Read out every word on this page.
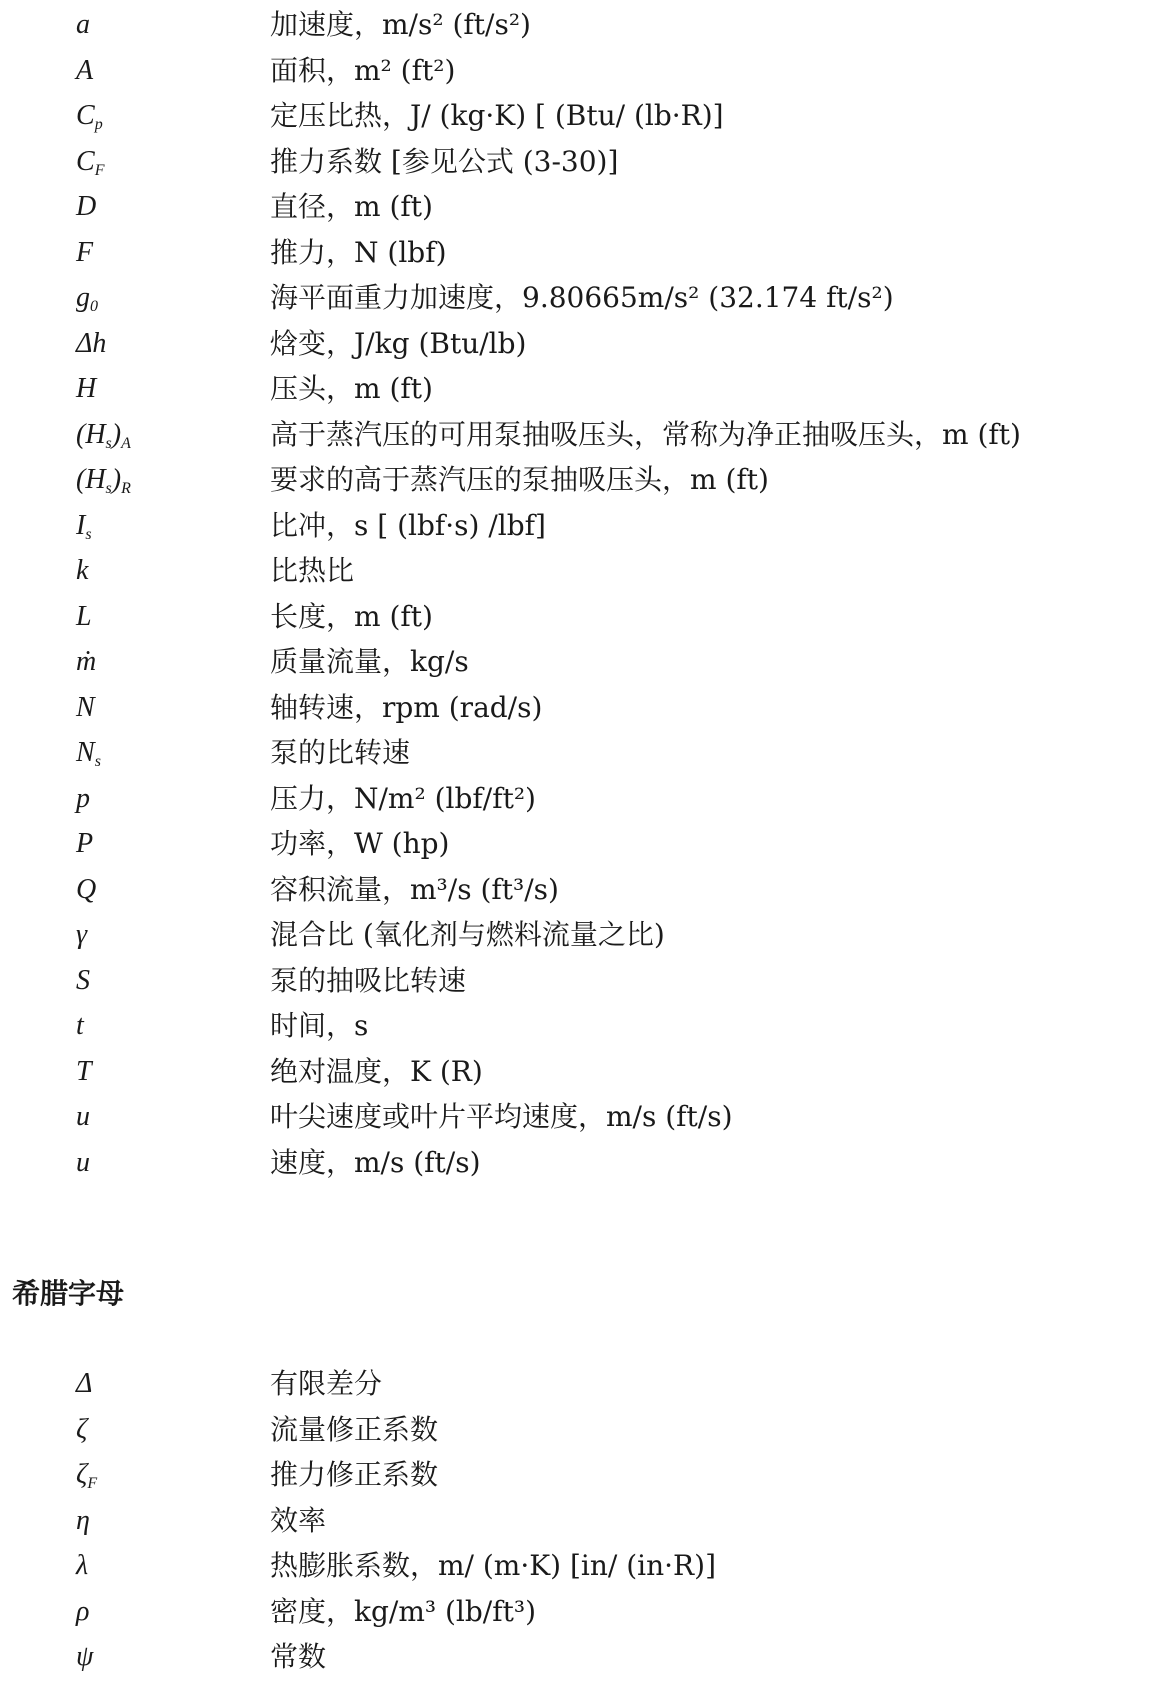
a	加速度，m/s² (ft/s²)
A	面积，m² (ft²)
$C_p$	定压比热，J/ (kg·K) [ (Btu/ (lb·R)]
$C_F$	推力系数 [参见公式 (3-30)]
D	直径，m (ft)
F	推力，N (lbf)
$g_0$	海平面重力加速度，9.80665m/s² (32.174 ft/s²)
Δh	焓变，J/kg (Btu/lb)
H	压头，m (ft)
$(H_s)_A$	高于蒸汽压的可用泵抽吸压头，常称为净正抽吸压头，m (ft)
$(H_s)_R$	要求的高于蒸汽压的泵抽吸压头，m (ft)
$I_s$	比冲，s [ (lbf·s) /lbf]
k	比热比
L	长度，m (ft)
ṁ	质量流量，kg/s
N	轴转速，rpm (rad/s)
$N_s$	泵的比转速
p	压力，N/m² (lbf/ft²)
P	功率，W (hp)
Q	容积流量，m³/s (ft³/s)
γ	混合比 (氧化剂与燃料流量之比)
S	泵的抽吸比转速
t	时间，s
T	绝对温度，K (R)
u	叶尖速度或叶片平均速度，m/s (ft/s)
u	速度，m/s (ft/s)
希腊字母
Δ	有限差分
ζ	流量修正系数
$\zeta_F$	推力修正系数
η	效率
λ	热膨胀系数，m/ (m·K) [in/ (in·R)]
ρ	密度，kg/m³ (lb/ft³)
ψ	常数
